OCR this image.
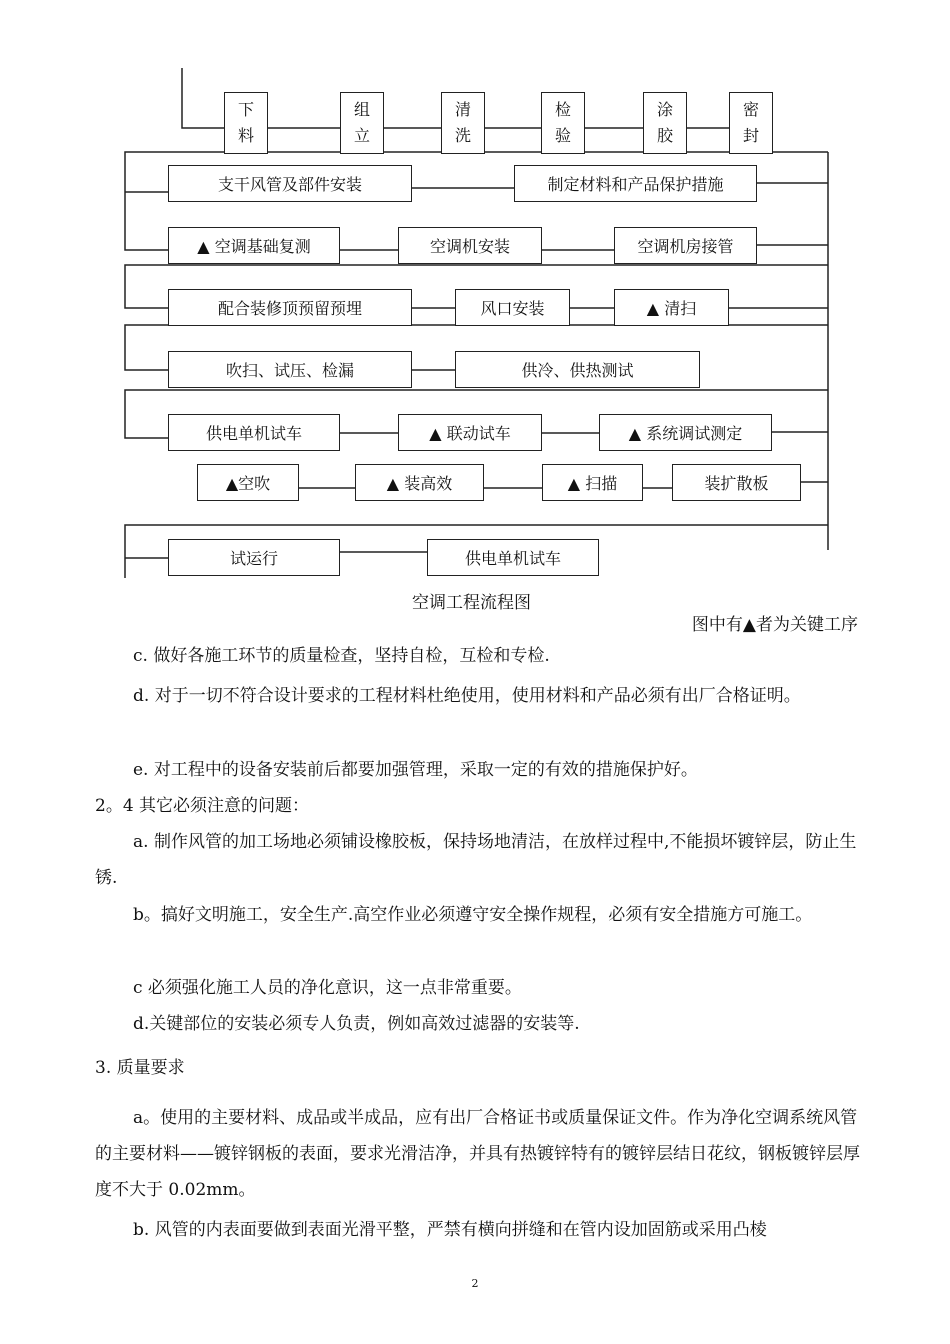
下料
组立
清洗
检验
涂胶
密封
支干风管及部件安装	制定材料和产品保护措施
▲ 空调基础复测	空调机安装	空调机房接管
配合装修顶预留预埋	风口安装	▲ 清扫
吹扫、试压、检漏	供冷、供热测试
供电单机试车	▲ 联动试车	▲ 系统调试测定
▲空吹	▲ 装高效	▲ 扫描	装扩散板
试运行	供电单机试车
空调工程流程图
图中有▲者为关键工序

c. 做好各施工环节的质量检查，坚持自检，互检和专检.

d. 对于一切不符合设计要求的工程材料杜绝使用，使用材料和产品必须有出厂合格证明。

e. 对工程中的设备安装前后都要加强管理，采取一定的有效的措施保护好。

2。4 其它必须注意的问题：

a. 制作风管的加工场地必须铺设橡胶板，保持场地清洁，在放样过程中,不能损坏镀锌层，防止生锈.

b。搞好文明施工，安全生产.高空作业必须遵守安全操作规程，必须有安全措施方可施工。

c 必须强化施工人员的净化意识，这一点非常重要。

d.关键部位的安装必须专人负责，例如高效过滤器的安装等.

3. 质量要求

a。使用的主要材料、成品或半成品，应有出厂合格证书或质量保证文件。作为净化空调系统风管的主要材料——镀锌钢板的表面，要求光滑洁净，并具有热镀锌特有的镀锌层结日花纹，钢板镀锌层厚度不大于 0.02mm。

b. 风管的内表面要做到表面光滑平整，严禁有横向拼缝和在管内设加固筋或采用凸棱

2
